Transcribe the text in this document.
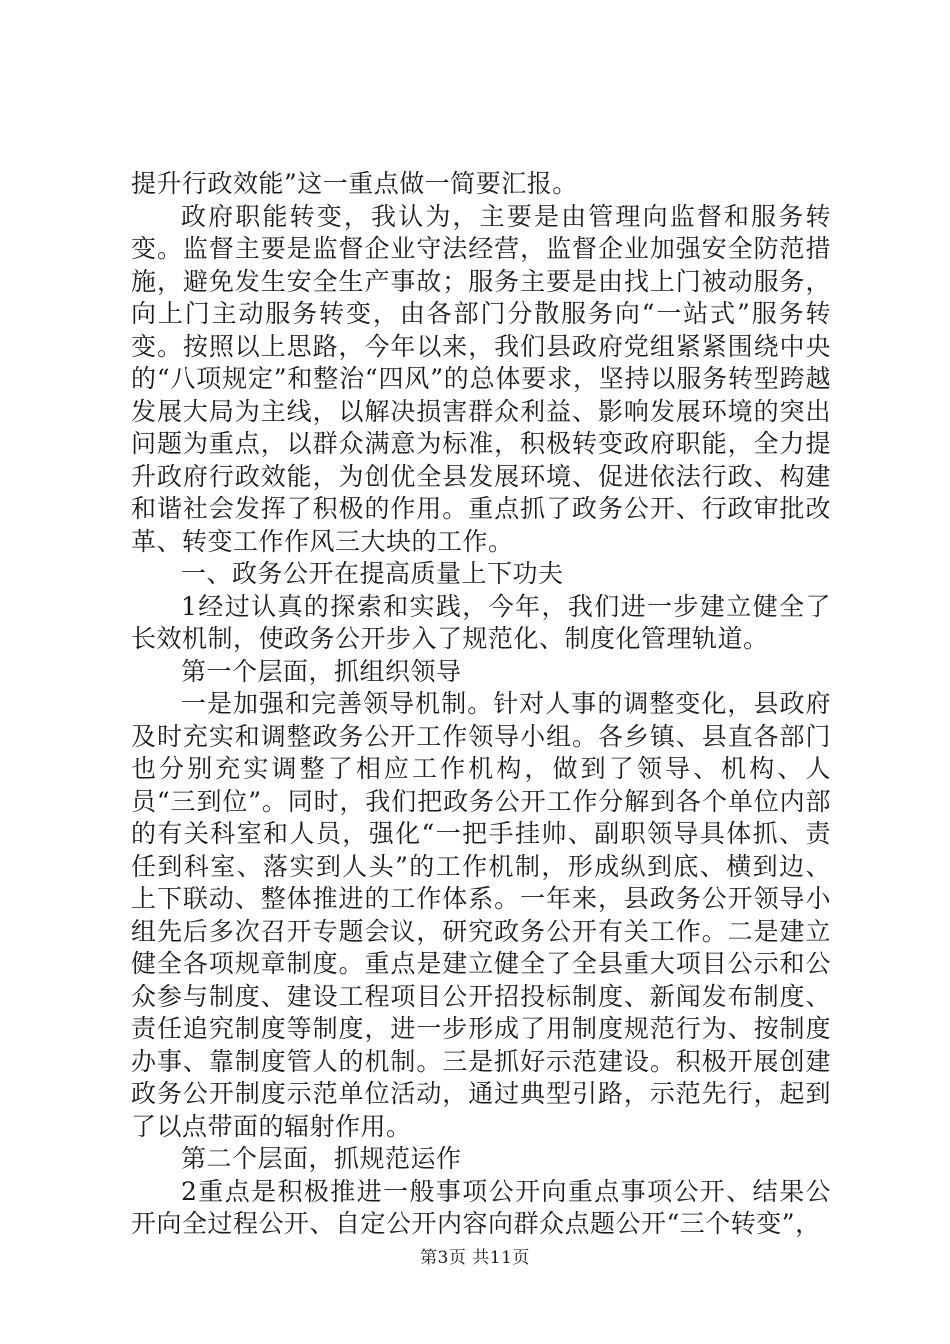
提升行政效能”这一重点做一简要汇报。

政府职能转变，我认为，主要是由管理向监督和服务转变。监督主要是监督企业守法经营，监督企业加强安全防范措施，避免发生安全生产事故；服务主要是由找上门被动服务，向上门主动服务转变，由各部门分散服务向“一站式”服务转变。按照以上思路，今年以来，我们县政府党组紧紧围绕中央的“八项规定”和整治“四风”的总体要求，坚持以服务转型跨越发展大局为主线，以解决损害群众利益、影响发展环境的突出问题为重点，以群众满意为标准，积极转变政府职能，全力提升政府行政效能，为创优全县发展环境、促进依法行政、构建和谐社会发挥了积极的作用。重点抓了政务公开、行政审批改革、转变工作作风三大块的工作。

一、政务公开在提高质量上下功夫

1经过认真的探索和实践，今年，我们进一步建立健全了长效机制，使政务公开步入了规范化、制度化管理轨道。

第一个层面，抓组织领导

一是加强和完善领导机制。针对人事的调整变化，县政府及时充实和调整政务公开工作领导小组。各乡镇、县直各部门也分别充实调整了相应工作机构，做到了领导、机构、人员“三到位”。同时，我们把政务公开工作分解到各个单位内部的有关科室和人员，强化“一把手挂帅、副职领导具体抓、责任到科室、落实到人头”的工作机制，形成纵到底、横到边、上下联动、整体推进的工作体系。一年来，县政务公开领导小组先后多次召开专题会议，研究政务公开有关工作。二是建立健全各项规章制度。重点是建立健全了全县重大项目公示和公众参与制度、建设工程项目公开招投标制度、新闻发布制度、责任追究制度等制度，进一步形成了用制度规范行为、按制度办事、靠制度管人的机制。三是抓好示范建设。积极开展创建政务公开制度示范单位活动，通过典型引路，示范先行，起到了以点带面的辐射作用。

第二个层面，抓规范运作

2重点是积极推进一般事项公开向重点事项公开、结果公开向全过程公开、自定公开内容向群众点题公开“三个转变”，

第3页 共11页
